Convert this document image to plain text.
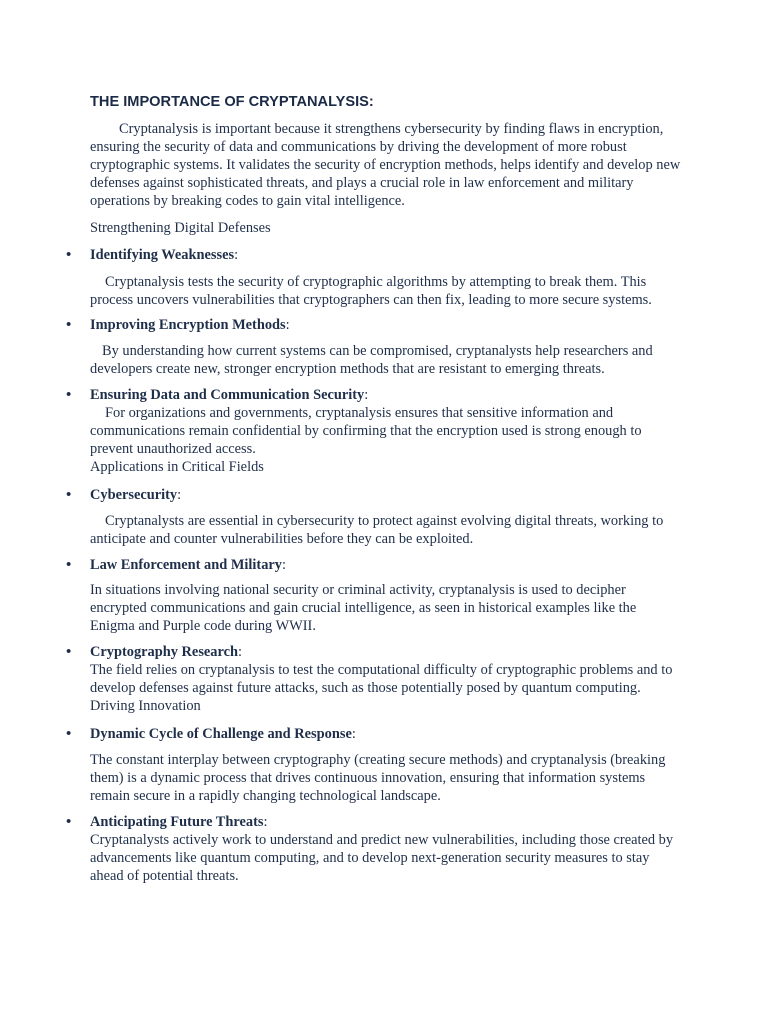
THE IMPORTANCE OF CRYPTANALYSIS:

Cryptanalysis is important because it strengthens cybersecurity by finding flaws in encryption, ensuring the security of data and communications by driving the development of more robust cryptographic systems. It validates the security of encryption methods, helps identify and develop new defenses against sophisticated threats, and plays a crucial role in law enforcement and military operations by breaking codes to gain vital intelligence.

Strengthening Digital Defenses

• Identifying Weaknesses:

Cryptanalysis tests the security of cryptographic algorithms by attempting to break them. This process uncovers vulnerabilities that cryptographers can then fix, leading to more secure systems.

• Improving Encryption Methods:

By understanding how current systems can be compromised, cryptanalysts help researchers and developers create new, stronger encryption methods that are resistant to emerging threats.

• Ensuring Data and Communication Security:

For organizations and governments, cryptanalysis ensures that sensitive information and communications remain confidential by confirming that the encryption used is strong enough to prevent unauthorized access.

Applications in Critical Fields

• Cybersecurity:

Cryptanalysts are essential in cybersecurity to protect against evolving digital threats, working to anticipate and counter vulnerabilities before they can be exploited.

• Law Enforcement and Military:

In situations involving national security or criminal activity, cryptanalysis is used to decipher encrypted communications and gain crucial intelligence, as seen in historical examples like the Enigma and Purple code during WWII.

• Cryptography Research:

The field relies on cryptanalysis to test the computational difficulty of cryptographic problems and to develop defenses against future attacks, such as those potentially posed by quantum computing.

Driving Innovation

• Dynamic Cycle of Challenge and Response:

The constant interplay between cryptography (creating secure methods) and cryptanalysis (breaking them) is a dynamic process that drives continuous innovation, ensuring that information systems remain secure in a rapidly changing technological landscape.

• Anticipating Future Threats:

Cryptanalysts actively work to understand and predict new vulnerabilities, including those created by advancements like quantum computing, and to develop next-generation security measures to stay ahead of potential threats.
